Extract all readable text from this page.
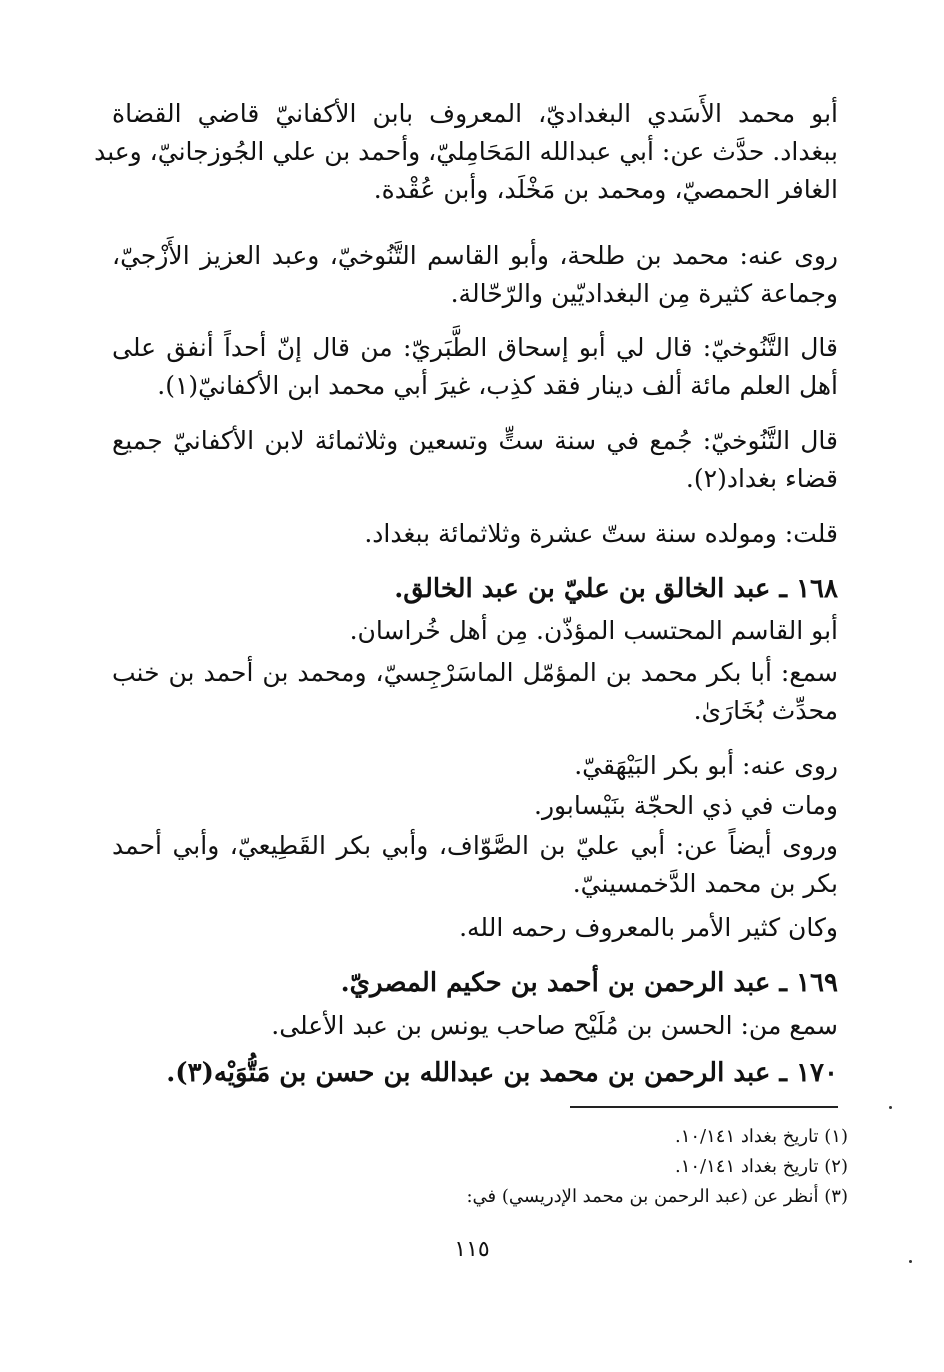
أبو محمد الأَسَدي البغداديّ، المعروف بابن الأكفانيّ قاضي القضاة
ببغداد. حدَّث عن: أبي عبدالله المَحَامِليّ، وأحمد بن علي الجُوزجانيّ، وعبد
الغافر الحمصيّ، ومحمد بن مَخْلَد، وأبن عُقْدة.
روى عنه: محمد بن طلحة، وأبو القاسم التَّنُوخيّ، وعبد العزيز الأَزْجيّ،
وجماعة كثيرة مِن البغداديّين والرّحّالة.
قال التَّنُوخيّ: قال لي أبو إسحاق الطَّبَريّ: من قال إنّ أحداً أنفق على
أهل العلم مائة ألف دينار فقد كذِب، غيرَ أبي محمد ابن الأكفانيّ(١).
قال التَّنُوخيّ: جُمع في سنة ستٍّ وتسعين وثلاثمائة لابن الأكفانيّ جميع
قضاء بغداد(٢).
قلت: ومولده سنة ستّ عشرة وثلاثمائة ببغداد.
١٦٨ ـ عبد الخالق بن عليّ بن عبد الخالق.
أبو القاسم المحتسب المؤذّن. مِن أهل خُراسان.
سمع: أبا بكر محمد بن المؤمّل الماسَرْجِسيّ، ومحمد بن أحمد بن خنب
محدِّث بُخَارَىٰ.
روى عنه: أبو بكر البَيْهَقيّ.
ومات في ذي الحجّة بنَيْسابور.
وروى أيضاً عن: أبي عليّ بن الصَّوّاف، وأبي بكر القَطِيعيّ، وأبي أحمد
بكر بن محمد الدَّخمسينيّ.
وكان كثير الأمر بالمعروف رحمه الله.
١٦٩ ـ عبد الرحمن بن أحمد بن حكيم المصريّ.
سمع من: الحسن بن مُلَيْح صاحب يونس بن عبد الأعلى.
١٧٠ ـ عبد الرحمن بن محمد بن عبدالله بن حسن بن مَتُّوَيْه(٣).
(١) تاريخ بغداد ١٠/١٤١.
(٢) تاريخ بغداد ١٠/١٤١.
(٣) أنظر عن (عبد الرحمن بن محمد الإدريسي) في:
١١٥
